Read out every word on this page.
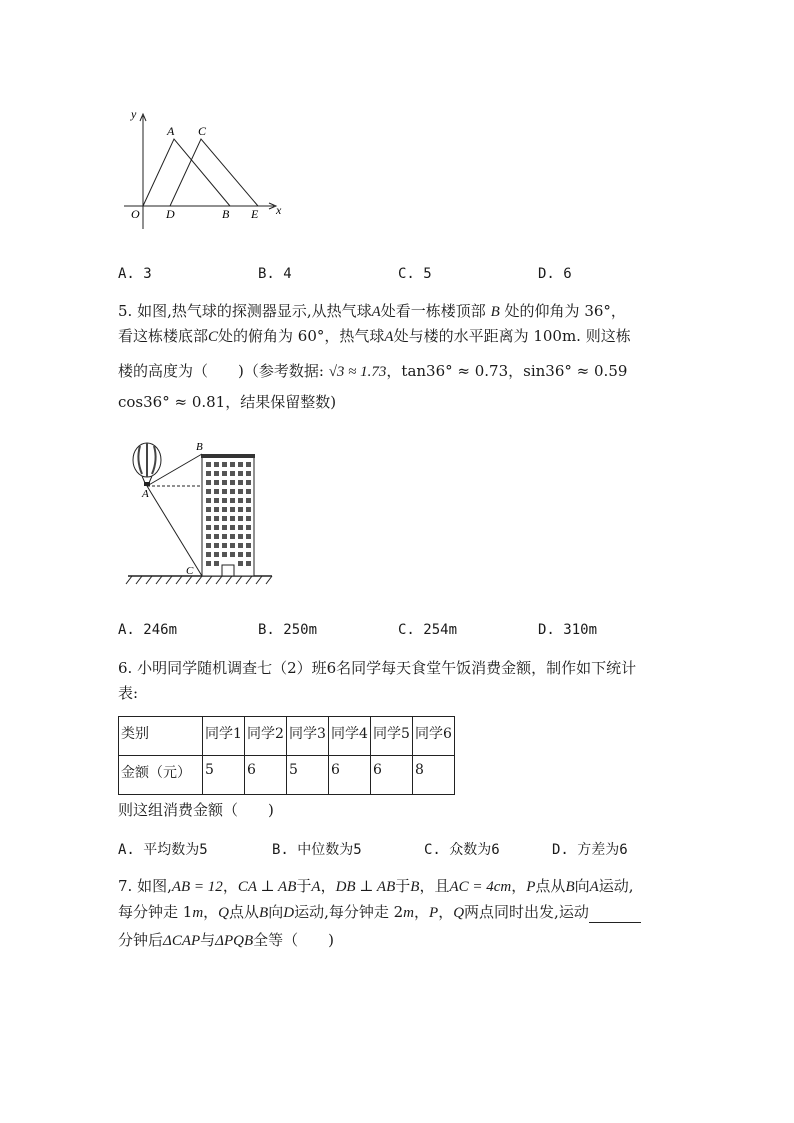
y
A C
O D	B E x
A. 3	B. 4	C. 5	D. 6
5. 如图,热气球的探测器显示,从热气球A处看一栋楼顶部 B 处的仰角为 36°，
看这栋楼底部C处的俯角为 60°，热气球A处与楼的水平距离为 100m. 则这栋
楼的高度为（　　)（参考数据: √3 ≈ 1.73，tan36° ≈ 0.73，sin36° ≈ 0.59
cos36° ≈ 0.81，结果保留整数)
B
A
C
A. 246m	B. 250m	C. 254m	D. 310m
6. 小明同学随机调查七（2）班6名同学每天食堂午饭消费金额，制作如下统计
表:
类别	同学1	同学2	同学3	同学4	同学5	同学6
金额（元）	5	6	5	6	6	8
则这组消费金额（　　)
A. 平均数为5	B. 中位数为5	C. 众数为6	D. 方差为6
7. 如图,AB = 12，CA ⊥ AB于A，DB ⊥ AB于B，且AC = 4cm，P点从B向A运动,
每分钟走 1m，Q点从B向D运动,每分钟走 2m，P，Q两点同时出发,运动
分钟后ΔCAP与ΔPQB全等（　　)
